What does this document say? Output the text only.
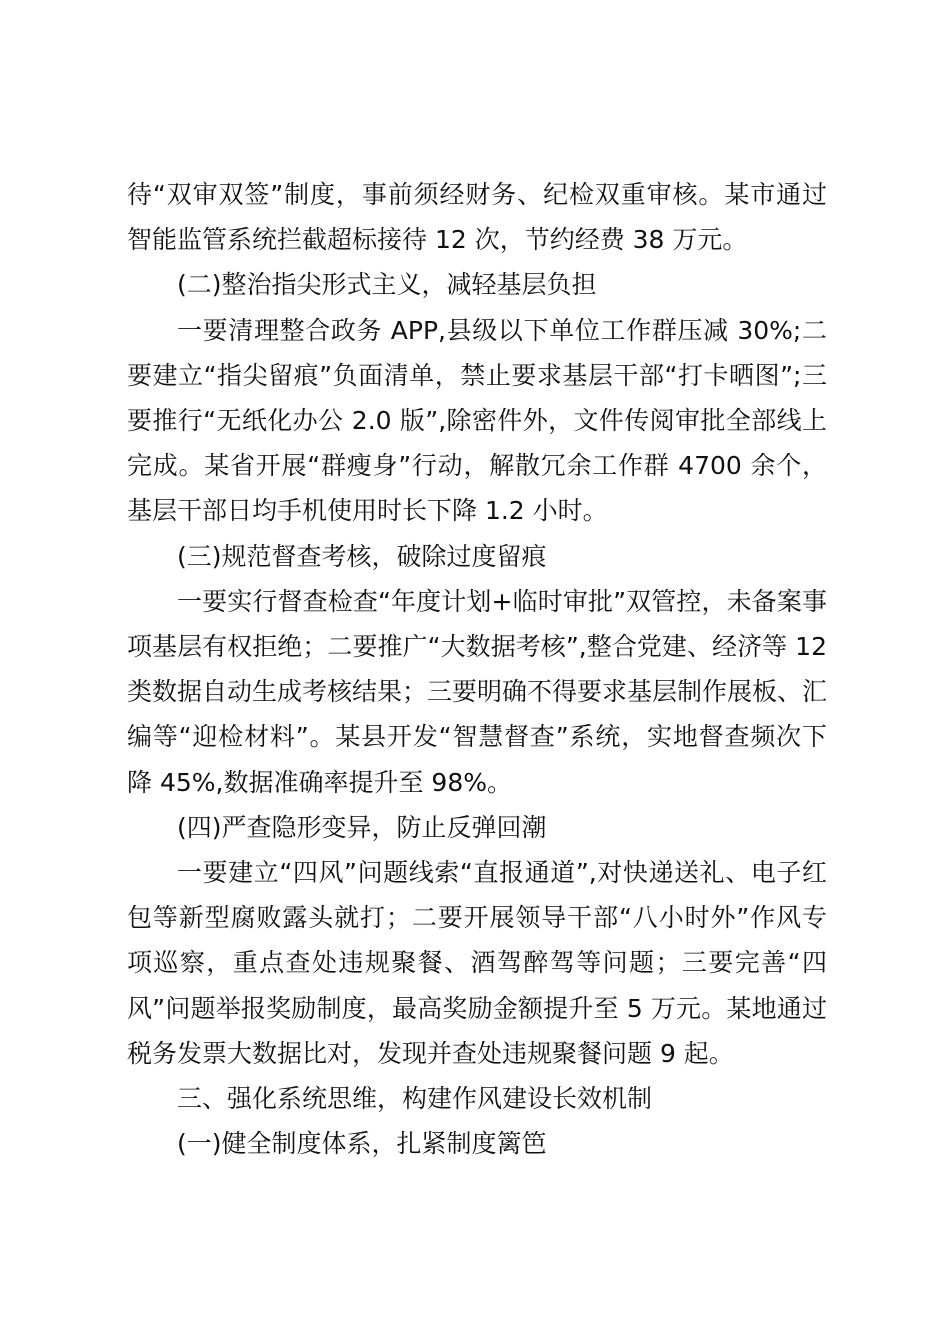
待“双审双签”制度，事前须经财务、纪检双重审核。某市通过智能监管系统拦截超标接待 12 次，节约经费 38 万元。

(二)整治指尖形式主义，减轻基层负担

一要清理整合政务 APP,县级以下单位工作群压减 30%;二要建立“指尖留痕”负面清单，禁止要求基层干部“打卡晒图”;三要推行“无纸化办公 2.0 版”,除密件外，文件传阅审批全部线上完成。某省开展“群瘦身”行动，解散冗余工作群 4700 余个，基层干部日均手机使用时长下降 1.2 小时。

(三)规范督查考核，破除过度留痕

一要实行督查检查“年度计划+临时审批”双管控，未备案事项基层有权拒绝；二要推广“大数据考核”,整合党建、经济等 12 类数据自动生成考核结果；三要明确不得要求基层制作展板、汇编等“迎检材料”。某县开发“智慧督查”系统，实地督查频次下降 45%,数据准确率提升至 98%。

(四)严查隐形变异，防止反弹回潮

一要建立“四风”问题线索“直报通道”,对快递送礼、电子红包等新型腐败露头就打；二要开展领导干部“八小时外”作风专项巡察，重点查处违规聚餐、酒驾醉驾等问题；三要完善“四风”问题举报奖励制度，最高奖励金额提升至 5 万元。某地通过税务发票大数据比对，发现并查处违规聚餐问题 9 起。

三、强化系统思维，构建作风建设长效机制

(一)健全制度体系，扎紧制度篱笆
